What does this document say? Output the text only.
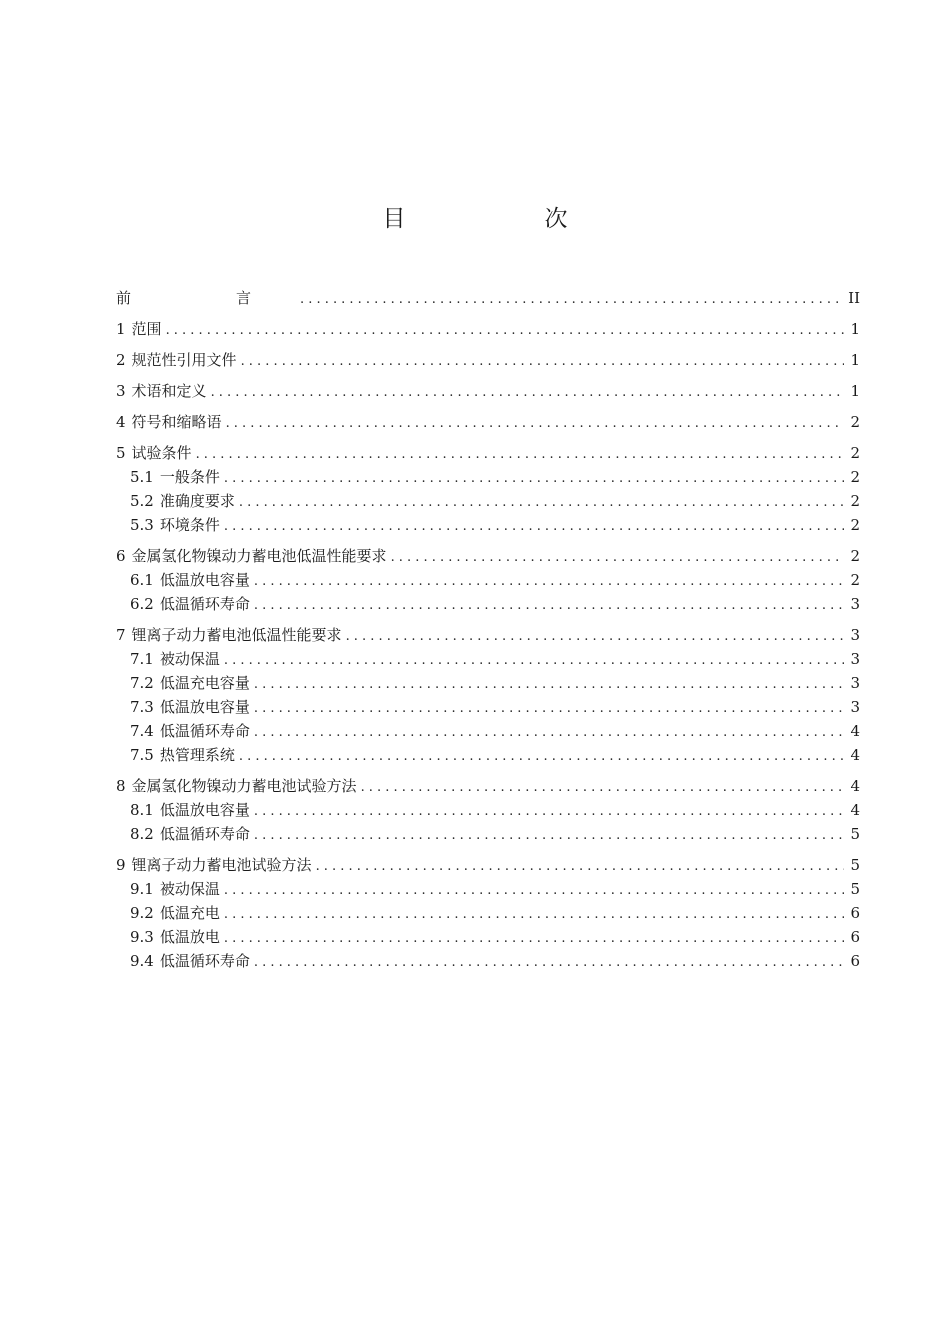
目　次
前　言 .....	II
1 范围 .....	1
2 规范性引用文件 .....	1
3 术语和定义 .....	1
4 符号和缩略语 .....	2
5 试验条件 .....	2
5.1 一般条件 .....	2
5.2 准确度要求 .....	2
5.3 环境条件 .....	2
6 金属氢化物镍动力蓄电池低温性能要求 .....	2
6.1 低温放电容量 .....	2
6.2 低温循环寿命 .....	3
7 锂离子动力蓄电池低温性能要求 .....	3
7.1 被动保温 .....	3
7.2 低温充电容量 .....	3
7.3 低温放电容量 .....	3
7.4 低温循环寿命 .....	4
7.5 热管理系统 .....	4
8 金属氢化物镍动力蓄电池试验方法 .....	4
8.1 低温放电容量 .....	4
8.2 低温循环寿命 .....	5
9 锂离子动力蓄电池试验方法 .....	5
9.1 被动保温 .....	5
9.2 低温充电 .....	6
9.3 低温放电 .....	6
9.4 低温循环寿命 .....	6
